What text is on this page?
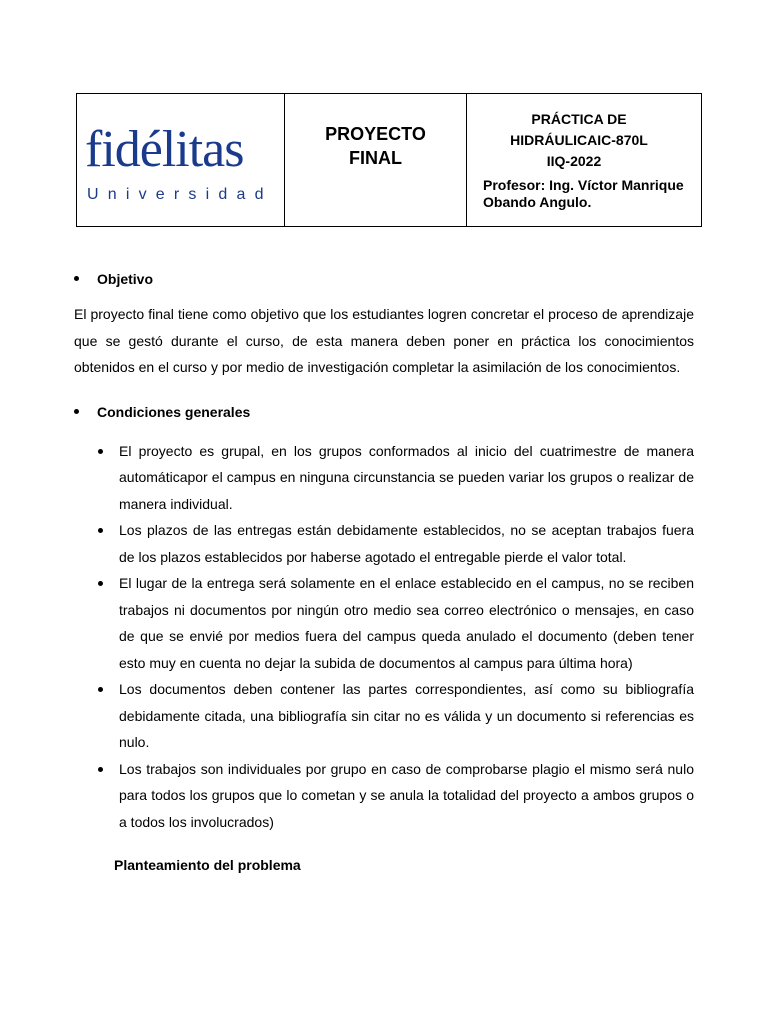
fidélitas
Universidad

PROYECTO
FINAL

PRÁCTICA DE
HIDRÁULICAIC-870L
IIQ-2022
Profesor: Ing. Víctor Manrique
Obando Angulo.
Objetivo

El proyecto final tiene como objetivo que los estudiantes logren concretar el proceso de aprendizaje que se gestó durante el curso, de esta manera deben poner en práctica los conocimientos obtenidos en el curso y por medio de investigación completar la asimilación de los conocimientos.

Condiciones generales
El proyecto es grupal, en los grupos conformados al inicio del cuatrimestre de manera automáticapor el campus en ninguna circunstancia se pueden variar los grupos o realizar de manera individual.
Los plazos de las entregas están debidamente establecidos, no se aceptan trabajos fuera de los plazos establecidos por haberse agotado el entregable pierde el valor total.
El lugar de la entrega será solamente en el enlace establecido en el campus, no se reciben trabajos ni documentos por ningún otro medio sea correo electrónico o mensajes, en caso de que se envié por medios fuera del campus queda anulado el documento (deben tener esto muy en cuenta no dejar la subida de documentos al campus para última hora)
Los documentos deben contener las partes correspondientes, así como su bibliografía debidamente citada, una bibliografía sin citar no es válida y un documento si referencias es nulo.
Los trabajos son individuales por grupo en caso de comprobarse plagio el mismo será nulo para todos los grupos que lo cometan y se anula la totalidad del proyecto a ambos grupos o a todos los involucrados)
Planteamiento del problema
